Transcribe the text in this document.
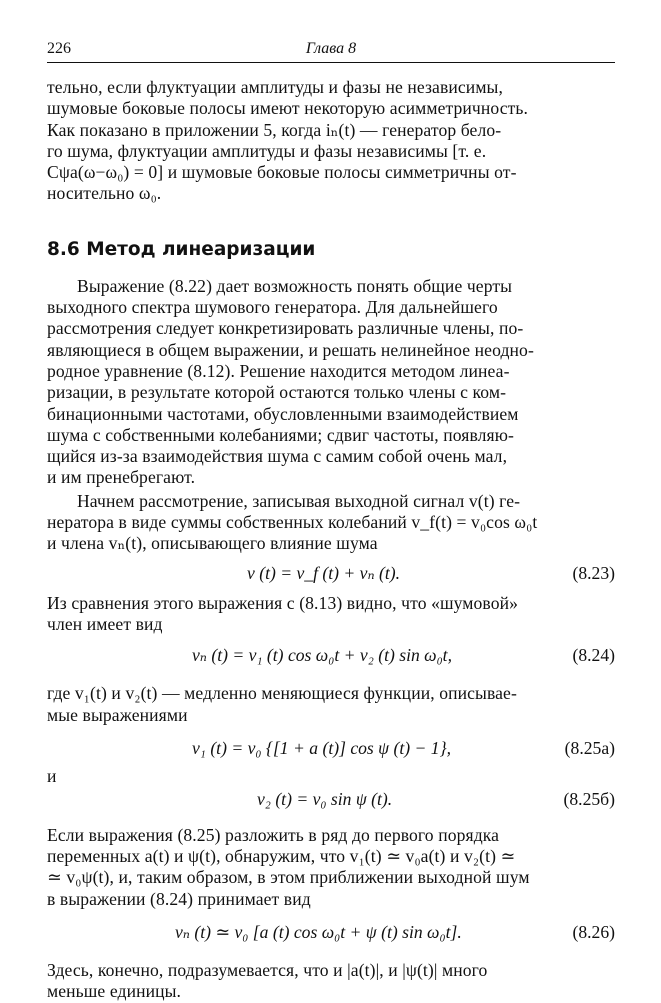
226	Глава 8

тельно, если флуктуации амплитуды и фазы не независимы,
шумовые боковые полосы имеют некоторую асимметричность.
Как показано в приложении 5, когда iₙ(t) — генератор бело-
го шума, флуктуации амплитуды и фазы независимы [т. е.
Cψa(ω−ω₀) = 0] и шумовые боковые полосы симметричны от-
носительно ω₀.

8.6 Метод линеаризации

Выражение (8.22) дает возможность понять общие черты
выходного спектра шумового генератора. Для дальнейшего
рассмотрения следует конкретизировать различные члены, по-
являющиеся в общем выражении, и решать нелинейное неодно-
родное уравнение (8.12). Решение находится методом линеа-
ризации, в результате которой остаются только члены с ком-
бинационными частотами, обусловленными взаимодействием
шума с собственными колебаниями; сдвиг частоты, появляю-
щийся из-за взаимодействия шума с самим собой очень мал,
и им пренебрегают.

Начнем рассмотрение, записывая выходной сигнал v(t) ге-
нератора в виде суммы собственных колебаний v_f(t) = v₀cos ω₀t
и члена vₙ(t), описывающего влияние шума

v (t) = v_f (t) + vₙ (t).	(8.23)

Из сравнения этого выражения с (8.13) видно, что «шумовой»
член имеет вид

vₙ (t) = v₁ (t) cos ω₀t + v₂ (t) sin ω₀t,	(8.24)

где v₁(t) и v₂(t) — медленно меняющиеся функции, описывае-
мые выражениями

v₁ (t) = v₀ {[1 + a (t)] cos ψ (t) − 1},	(8.25a)

и

v₂ (t) = v₀ sin ψ (t).	(8.25б)

Если выражения (8.25) разложить в ряд до первого порядка
переменных a(t) и ψ(t), обнаружим, что v₁(t) ≃ v₀a(t) и v₂(t) ≃
≃ v₀ψ(t), и, таким образом, в этом приближении выходной шум
в выражении (8.24) принимает вид

vₙ (t) ≃ v₀ [a (t) cos ω₀t + ψ (t) sin ω₀t].	(8.26)

Здесь, конечно, подразумевается, что и |a(t)|, и |ψ(t)| много
меньше единицы.
